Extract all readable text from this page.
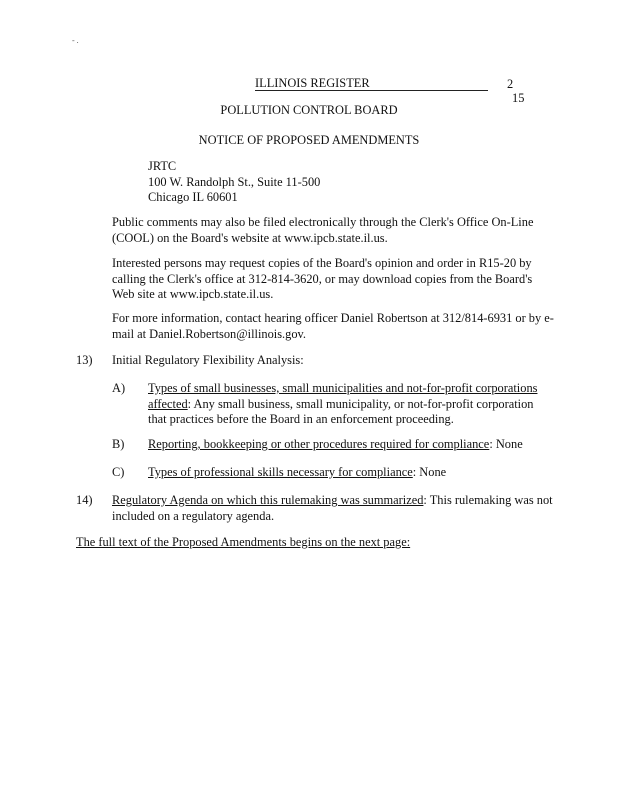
- .
ILLINOIS REGISTER	2
15
POLLUTION CONTROL BOARD
NOTICE OF PROPOSED AMENDMENTS
JRTC
100 W. Randolph St., Suite 11-500
Chicago IL 60601
Public comments may also be filed electronically through the Clerk's Office On-Line
(COOL) on the Board's website at www.ipcb.state.il.us.
Interested persons may request copies of the Board's opinion and order in R15-20 by
calling the Clerk's office at 312-814-3620, or may download copies from the Board's
Web site at www.ipcb.state.il.us.
For more information, contact hearing officer Daniel Robertson at 312/814-6931 or by e-
mail at Daniel.Robertson@illinois.gov.
13) Initial Regulatory Flexibility Analysis:
A) Types of small businesses, small municipalities and not-for-profit corporations affected: Any small business, small municipality, or not-for-profit corporation
that practices before the Board in an enforcement proceeding.
B) Reporting, bookkeeping or other procedures required for compliance: None
C) Types of professional skills necessary for compliance: None
14) Regulatory Agenda on which this rulemaking was summarized: This rulemaking was not
included on a regulatory agenda.
The full text of the Proposed Amendments begins on the next page:
